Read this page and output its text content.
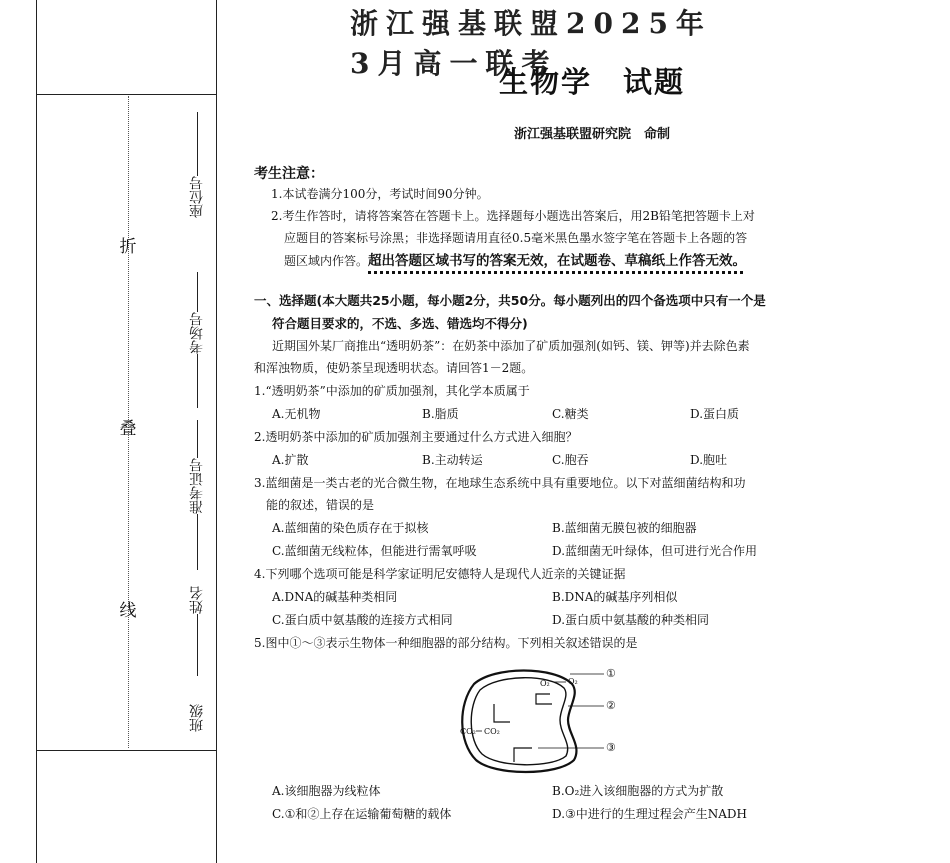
折
叠
线
座位号
考场号
准考证号
姓名
班级
浙江强基联盟2025年3月高一联考
生物学　试题
浙江强基联盟研究院　命制
考生注意：
1.本试卷满分100分，考试时间90分钟。
2.考生作答时，请将答案答在答题卡上。选择题每小题选出答案后，用2B铅笔把答题卡上对
应题目的答案标号涂黑；非选择题请用直径0.5毫米黑色墨水签字笔在答题卡上各题的答
题区域内作答。超出答题区域书写的答案无效，在试题卷、草稿纸上作答无效。
一、选择题(本大题共25小题，每小题2分，共50分。每小题列出的四个备选项中只有一个是
符合题目要求的，不选、多选、错选均不得分)
近期国外某厂商推出“透明奶茶”：在奶茶中添加了矿质加强剂(如钙、镁、钾等)并去除色素
和浑浊物质，使奶茶呈现透明状态。请回答1－2题。
1.“透明奶茶”中添加的矿质加强剂，其化学本质属于
A.无机物	B.脂质	C.糖类	D.蛋白质
2.透明奶茶中添加的矿质加强剂主要通过什么方式进入细胞？
A.扩散	B.主动转运	C.胞吞	D.胞吐
3.蓝细菌是一类古老的光合微生物，在地球生态系统中具有重要地位。以下对蓝细菌结构和功
能的叙述，错误的是
A.蓝细菌的染色质存在于拟核	B.蓝细菌无膜包被的细胞器
C.蓝细菌无线粒体，但能进行需氧呼吸	D.蓝细菌无叶绿体，但可进行光合作用
4.下列哪个选项可能是科学家证明尼安德特人是现代人近亲的关键证据
A.DNA的碱基种类相同	B.DNA的碱基序列相似
C.蛋白质中氨基酸的连接方式相同	D.蛋白质中氨基酸的种类相同
5.图中①～③表示生物体一种细胞器的部分结构。下列相关叙述错误的是
O₂ O₂
CO₂ CO₂
①
②
③
A.该细胞器为线粒体	B.O₂进入该细胞器的方式为扩散
C.①和②上存在运输葡萄糖的载体	D.③中进行的生理过程会产生NADH
